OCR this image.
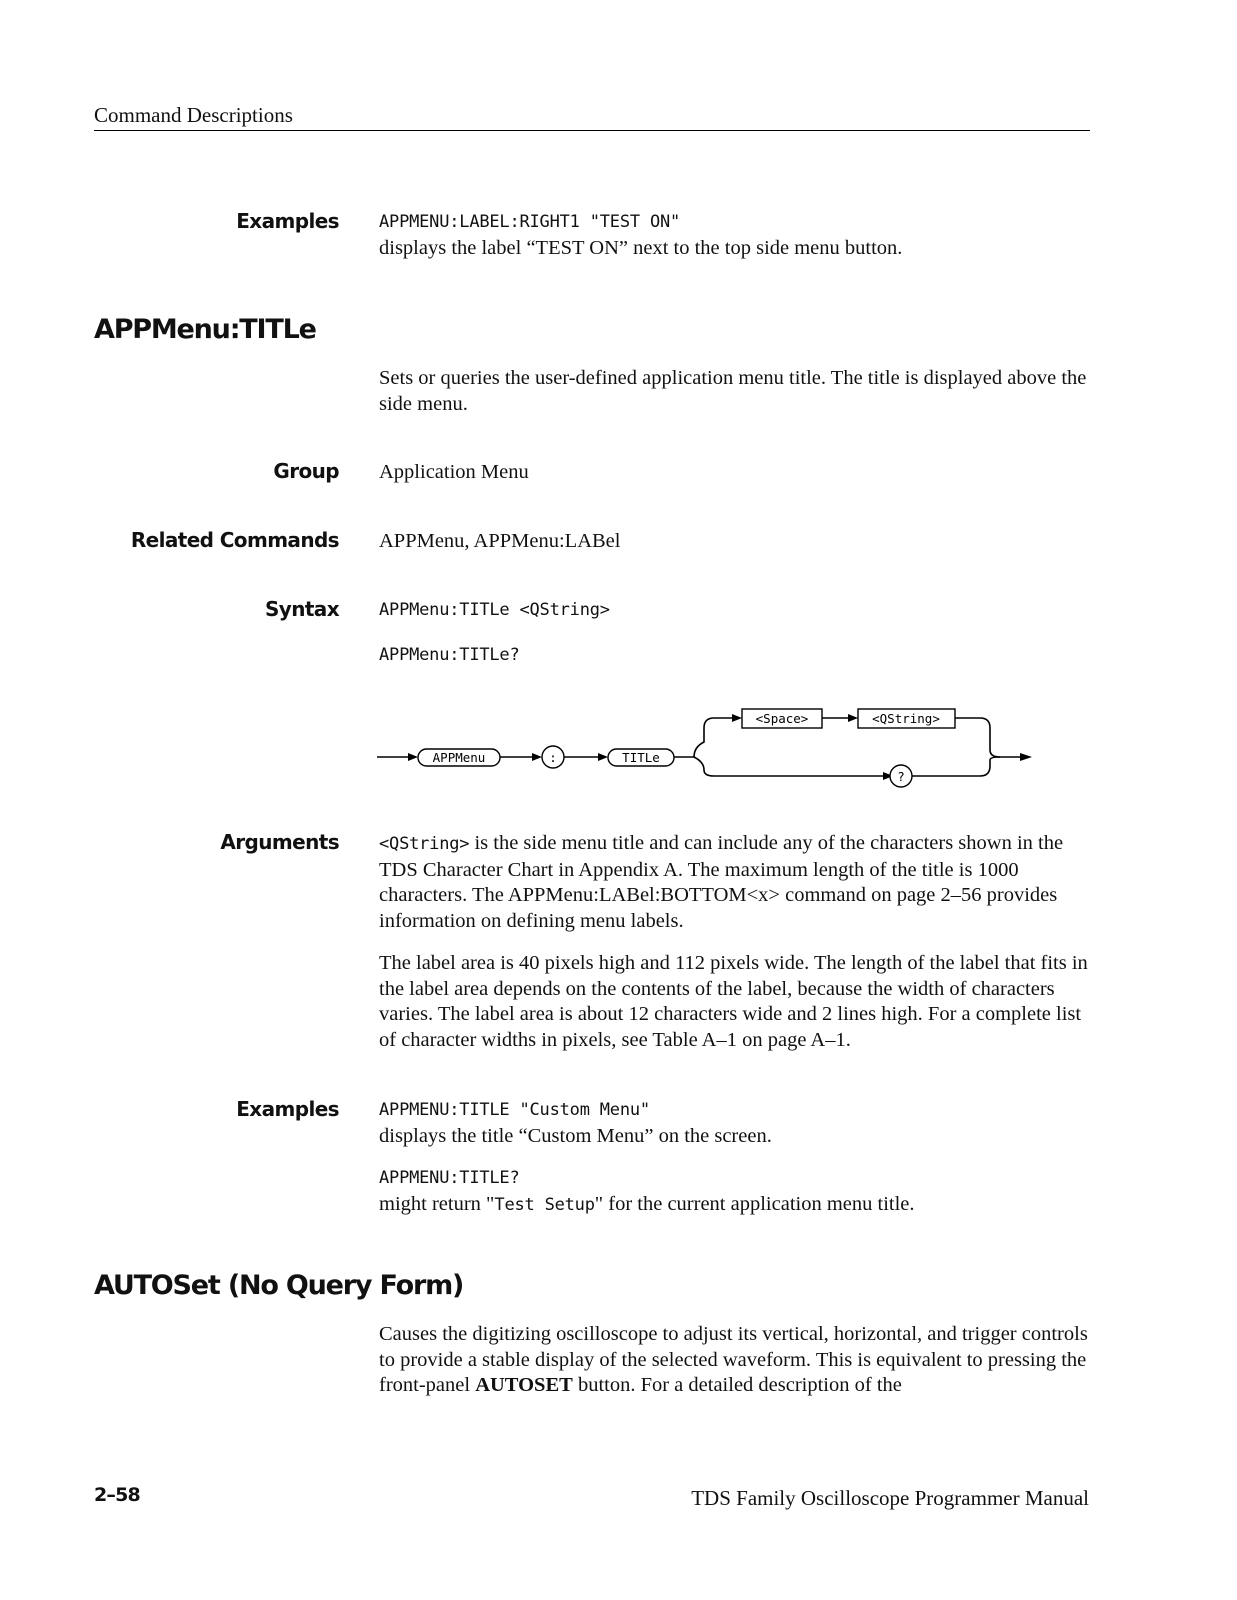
Command Descriptions
Examples APPMENU:LABEL:RIGHT1 "TEST ON"
displays the label “TEST ON” next to the top side menu button.
APPMenu:TITLe
Sets or queries the user-defined application menu title. The title is displayed above the side menu.
Group Application Menu
Related Commands APPMenu, APPMenu:LABel
Syntax APPMenu:TITLe <QString>
APPMenu:TITLe?
APPMenu	:	TITLe
<Space>	<QString>
?
Arguments <QString> is the side menu title and can include any of the characters shown in the TDS Character Chart in Appendix A. The maximum length of the title is 1000 characters. The APPMenu:LABel:BOTTOM<x> command on page 2–56 provides information on defining menu labels.
The label area is 40 pixels high and 112 pixels wide. The length of the label that fits in the label area depends on the contents of the label, because the width of characters varies. The label area is about 12 characters wide and 2 lines high. For a complete list of character widths in pixels, see Table A–1 on page A–1.
Examples APPMENU:TITLE "Custom Menu"
displays the title “Custom Menu” on the screen.
APPMENU:TITLE?
might return "Test Setup" for the current application menu title.
AUTOSet (No Query Form)
Causes the digitizing oscilloscope to adjust its vertical, horizontal, and trigger controls to provide a stable display of the selected waveform. This is equivalent to pressing the front-panel AUTOSET button. For a detailed description of the
2–58	TDS Family Oscilloscope Programmer Manual
